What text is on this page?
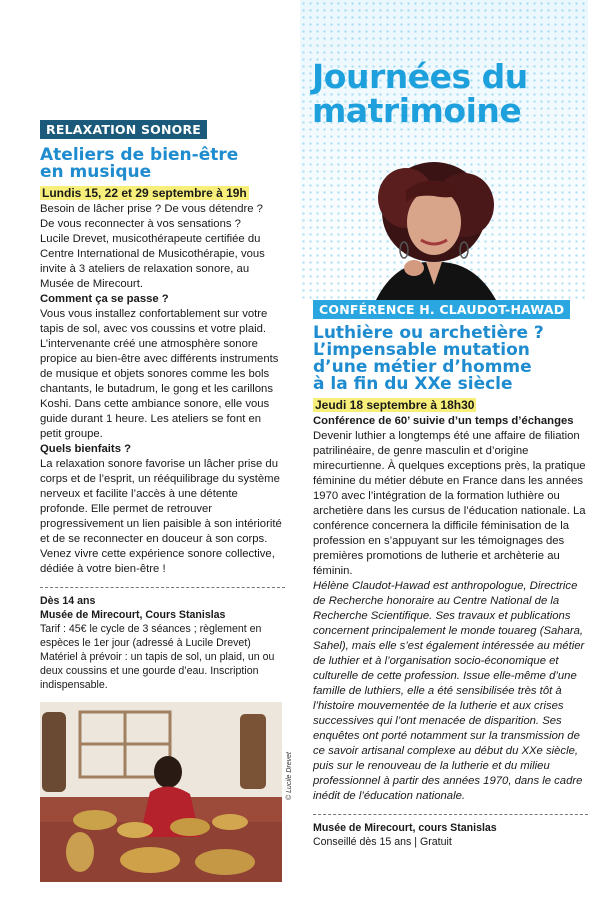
RELAXATION SONORE
Ateliers de bien-être
en musique
Lundis 15, 22 et 29 septembre à 19h

Besoin de lâcher prise ? De vous détendre ?

De vous reconnecter à vos sensations ?

Lucile Drevet, musicothérapeute certifiée du Centre International de Musicothérapie, vous invite à 3 ateliers de relaxation sonore, au Musée de Mirecourt.

Comment ça se passe ?

Vous vous installez confortablement sur votre tapis de sol, avec vos coussins et votre plaid. L’intervenante créé une atmosphère sonore propice au bien-être avec différents instruments de musique et objets sonores comme les bols chantants, le butadrum, le gong et les carillons Koshi. Dans cette ambiance sonore, elle vous guide durant 1 heure. Les ateliers se font en petit groupe.

Quels bienfaits ?

La relaxation sonore favorise un lâcher prise du corps et de l’esprit, un rééquilibrage du système nerveux et facilite l’accès à une détente profonde. Elle permet de retrouver progressivement un lien paisible à son intériorité et de se reconnecter en douceur à son corps. Venez vivre cette expérience sonore collective, dédiée à votre bien-être !

Dès 14 ans
Musée de Mirecourt, Cours Stanislas

Tarif : 45€ le cycle de 3 séances ; règlement en espèces le 1er jour (adressé à Lucile Drevet)

Matériel à prévoir : un tapis de sol, un plaid, un ou deux coussins et une gourde d’eau. Inscription indispensable.

© Lucile Drevet
Journées du
matrimoine
CONFÉRENCE H. CLAUDOT-HAWAD
Luthière ou archetière ?
L’impensable mutation
d’une métier d’homme
à la fin du XXe siècle
Jeudi 18 septembre à 18h30
Conférence de 60’ suivie d’un temps d’échanges

Devenir luthier a longtemps été une affaire de filiation patrilinéaire, de genre masculin et d’origine mirecurtienne. À quelques exceptions près, la pratique féminine du métier débute en France dans les années 1970 avec l’intégration de la formation luthière ou archetière dans les cursus de l’éducation nationale. La conférence concernera la difficile féminisation de la profession en s’appuyant sur les témoignages des premières promotions de lutherie et archèterie au féminin.

Hélène Claudot-Hawad est anthropologue, Directrice de Recherche honoraire au Centre National de la Recherche Scientifique. Ses travaux et publications concernent principalement le monde touareg (Sahara, Sahel), mais elle s’est également intéressée au métier de luthier et à l’organisation socio-économique et culturelle de cette profession. Issue elle-même d’une famille de luthiers, elle a été sensibilisée très tôt à l’histoire mouvementée de la lutherie et aux crises successives qui l’ont menacée de disparition. Ses enquêtes ont porté notamment sur la transmission de ce savoir artisanal complexe au début du XXe siècle, puis sur le renouveau de la lutherie et du milieu professionnel à partir des années 1970, dans le cadre inédit de l’éducation nationale.

Musée de Mirecourt, cours Stanislas

Conseillé dès 15 ans | Gratuit
